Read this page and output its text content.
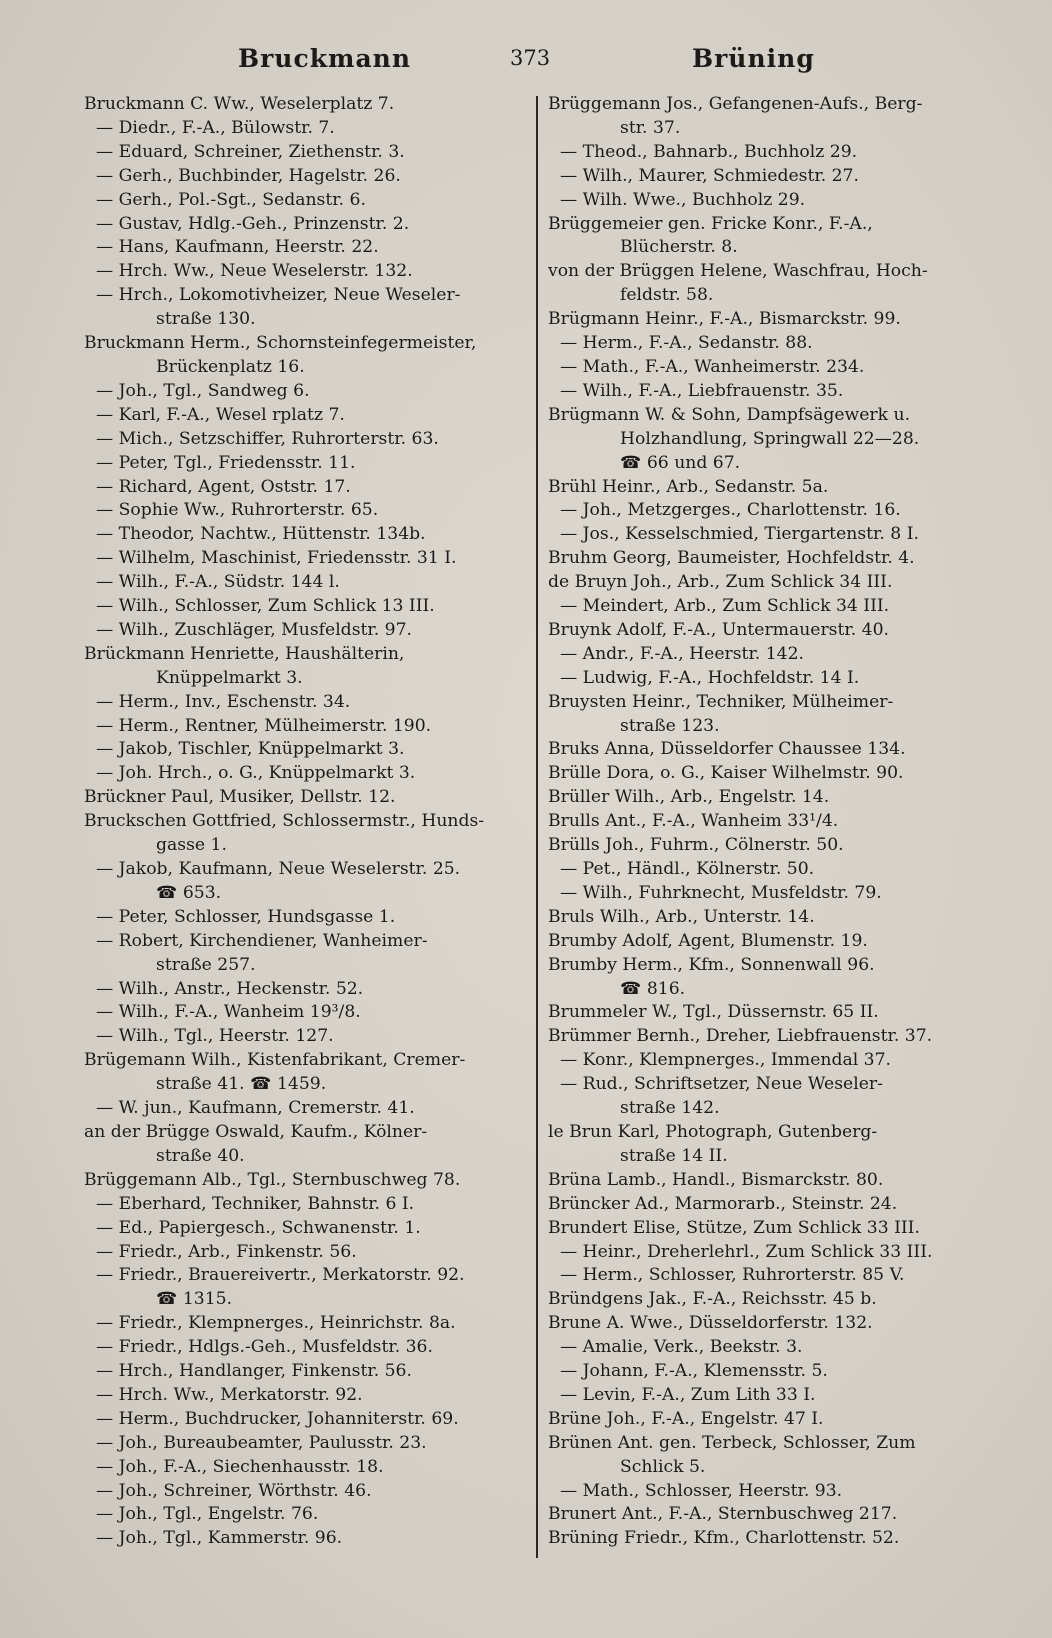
Bruckmann	373	Brüning
Bruckmann C. Ww., Weselerplatz 7.
— Diedr., F.-A., Bülowstr. 7.
— Eduard, Schreiner, Ziethenstr. 3.
— Gerh., Buchbinder, Hagelstr. 26.
— Gerh., Pol.-Sgt., Sedanstr. 6.
— Gustav, Hdlg.-Geh., Prinzenstr. 2.
— Hans, Kaufmann, Heerstr. 22.
— Hrch. Ww., Neue Weselerstr. 132.
— Hrch., Lokomotivheizer, Neue Weseler-
straße 130.
Bruckmann Herm., Schornsteinfegermeister,
Brückenplatz 16.
— Joh., Tgl., Sandweg 6.
— Karl, F.-A., Wesel rplatz 7.
— Mich., Setzschiffer, Ruhrorterstr. 63.
— Peter, Tgl., Friedensstr. 11.
— Richard, Agent, Oststr. 17.
— Sophie Ww., Ruhrorterstr. 65.
— Theodor, Nachtw., Hüttenstr. 134b.
— Wilhelm, Maschinist, Friedensstr. 31 I.
— Wilh., F.-A., Südstr. 144 l.
— Wilh., Schlosser, Zum Schlick 13 III.
— Wilh., Zuschläger, Musfeldstr. 97.
Brückmann Henriette, Haushälterin,
Knüppelmarkt 3.
— Herm., Inv., Eschenstr. 34.
— Herm., Rentner, Mülheimerstr. 190.
— Jakob, Tischler, Knüppelmarkt 3.
— Joh. Hrch., o. G., Knüppelmarkt 3.
Brückner Paul, Musiker, Dellstr. 12.
Bruckschen Gottfried, Schlossermstr., Hunds-
gasse 1.
— Jakob, Kaufmann, Neue Weselerstr. 25.
☎ 653.
— Peter, Schlosser, Hundsgasse 1.
— Robert, Kirchendiener, Wanheimer-
straße 257.
— Wilh., Anstr., Heckenstr. 52.
— Wilh., F.-A., Wanheim 19³/8.
— Wilh., Tgl., Heerstr. 127.
Brügemann Wilh., Kistenfabrikant, Cremer-
straße 41. ☎ 1459.
— W. jun., Kaufmann, Cremerstr. 41.
an der Brügge Oswald, Kaufm., Kölner-
straße 40.
Brüggemann Alb., Tgl., Sternbuschweg 78.
— Eberhard, Techniker, Bahnstr. 6 I.
— Ed., Papiergesch., Schwanenstr. 1.
— Friedr., Arb., Finkenstr. 56.
— Friedr., Brauereivertr., Merkatorstr. 92.
☎ 1315.
— Friedr., Klempnerges., Heinrichstr. 8a.
— Friedr., Hdlgs.-Geh., Musfeldstr. 36.
— Hrch., Handlanger, Finkenstr. 56.
— Hrch. Ww., Merkatorstr. 92.
— Herm., Buchdrucker, Johanniterstr. 69.
— Joh., Bureaubeamter, Paulusstr. 23.
— Joh., F.-A., Siechenhausstr. 18.
— Joh., Schreiner, Wörthstr. 46.
— Joh., Tgl., Engelstr. 76.
— Joh., Tgl., Kammerstr. 96.
Brüggemann Jos., Gefangenen-Aufs., Berg-
str. 37.
— Theod., Bahnarb., Buchholz 29.
— Wilh., Maurer, Schmiedestr. 27.
— Wilh. Wwe., Buchholz 29.
Brüggemeier gen. Fricke Konr., F.-A.,
Blücherstr. 8.
von der Brüggen Helene, Waschfrau, Hoch-
feldstr. 58.
Brügmann Heinr., F.-A., Bismarckstr. 99.
— Herm., F.-A., Sedanstr. 88.
— Math., F.-A., Wanheimerstr. 234.
— Wilh., F.-A., Liebfrauenstr. 35.
Brügmann W. & Sohn, Dampfsägewerk u.
Holzhandlung, Springwall 22—28.
☎ 66 und 67.
Brühl Heinr., Arb., Sedanstr. 5a.
— Joh., Metzgerges., Charlottenstr. 16.
— Jos., Kesselschmied, Tiergartenstr. 8 I.
Bruhm Georg, Baumeister, Hochfeldstr. 4.
de Bruyn Joh., Arb., Zum Schlick 34 III.
— Meindert, Arb., Zum Schlick 34 III.
Bruynk Adolf, F.-A., Untermauerstr. 40.
— Andr., F.-A., Heerstr. 142.
— Ludwig, F.-A., Hochfeldstr. 14 I.
Bruysten Heinr., Techniker, Mülheimer-
straße 123.
Bruks Anna, Düsseldorfer Chaussee 134.
Brülle Dora, o. G., Kaiser Wilhelmstr. 90.
Brüller Wilh., Arb., Engelstr. 14.
Brulls Ant., F.-A., Wanheim 33¹/4.
Brülls Joh., Fuhrm., Cölnerstr. 50.
— Pet., Händl., Kölnerstr. 50.
— Wilh., Fuhrknecht, Musfeldstr. 79.
Bruls Wilh., Arb., Unterstr. 14.
Brumby Adolf, Agent, Blumenstr. 19.
Brumby Herm., Kfm., Sonnenwall 96.
☎ 816.
Brummeler W., Tgl., Düssernstr. 65 II.
Brümmer Bernh., Dreher, Liebfrauenstr. 37.
— Konr., Klempnerges., Immendal 37.
— Rud., Schriftsetzer, Neue Weseler-
straße 142.
le Brun Karl, Photograph, Gutenberg-
straße 14 II.
Brüna Lamb., Handl., Bismarckstr. 80.
Brüncker Ad., Marmorarb., Steinstr. 24.
Brundert Elise, Stütze, Zum Schlick 33 III.
— Heinr., Dreherlehrl., Zum Schlick 33 III.
— Herm., Schlosser, Ruhrorterstr. 85 V.
Bründgens Jak., F.-A., Reichsstr. 45 b.
Brune A. Wwe., Düsseldorferstr. 132.
— Amalie, Verk., Beekstr. 3.
— Johann, F.-A., Klemensstr. 5.
— Levin, F.-A., Zum Lith 33 I.
Brüne Joh., F.-A., Engelstr. 47 I.
Brünen Ant. gen. Terbeck, Schlosser, Zum
Schlick 5.
— Math., Schlosser, Heerstr. 93.
Brunert Ant., F.-A., Sternbuschweg 217.
Brüning Friedr., Kfm., Charlottenstr. 52.
